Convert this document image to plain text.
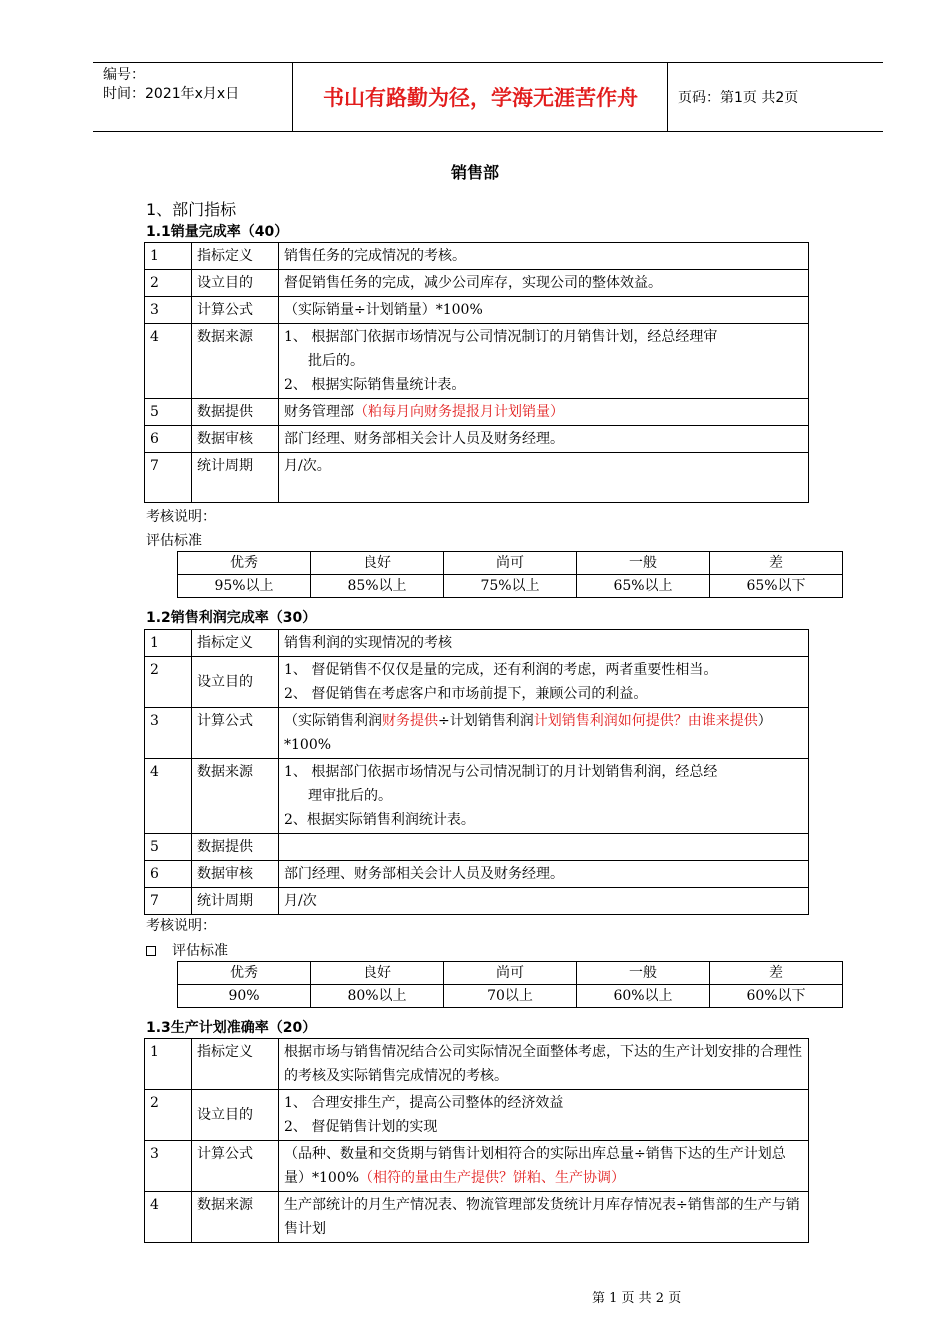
编号：
时间：2021年x月x日	书山有路勤为径，学海无涯苦作舟	页码：第1页 共2页
销售部
1、部门指标
1.1销量完成率（40）
1	指标定义	销售任务的完成情况的考核。
2	设立目的	督促销售任务的完成，减少公司库存，实现公司的整体效益。
3	计算公式	（实际销量÷计划销量）*100%
4	数据来源	1、 根据部门依据市场情况与公司情况制订的月销售计划，经总经理审
批后的。
2、 根据实际销售量统计表。

5	数据提供	财务管理部（粕每月向财务提报月计划销量）
6	数据审核	部门经理、财务部相关会计人员及财务经理。
7	统计周期	月/次。
考核说明：
评估标准
优秀	良好	尚可	一般	差
95%以上	85%以上	75%以上	65%以上	65%以下
1.2销售利润完成率（30）
1	指标定义	销售利润的实现情况的考核
2	设立目的	1、 督促销售不仅仅是量的完成，还有利润的考虑，两者重要性相当。
2、 督促销售在考虑客户和市场前提下，兼顾公司的利益。

3	计算公式	（实际销售利润财务提供÷计划销售利润计划销售利润如何提供？由谁来提供）*100%
4	数据来源	1、 根据部门依据市场情况与公司情况制订的月计划销售利润，经总经
理审批后的。
2、根据实际销售利润统计表。

5	数据提供	
6	数据审核	部门经理、财务部相关会计人员及财务经理。
7	统计周期	月/次
考核说明：
评估标准
优秀	良好	尚可	一般	差
90%	80%以上	70以上	60%以上	60%以下
1.3生产计划准确率（20）
1	指标定义	根据市场与销售情况结合公司实际情况全面整体考虑，下达的生产计划安排的合理性的考核及实际销售完成情况的考核。
2	设立目的	1、 合理安排生产，提高公司整体的经济效益
2、 督促销售计划的实现

3	计算公式	（品种、数量和交货期与销售计划相符合的实际出库总量÷销售下达的生产计划总量）*100%（相符的量由生产提供？饼粕、生产协调）
4	数据来源	生产部统计的月生产情况表、物流管理部发货统计月库存情况表÷销售部的生产与销售计划
第 1 页 共 2 页
